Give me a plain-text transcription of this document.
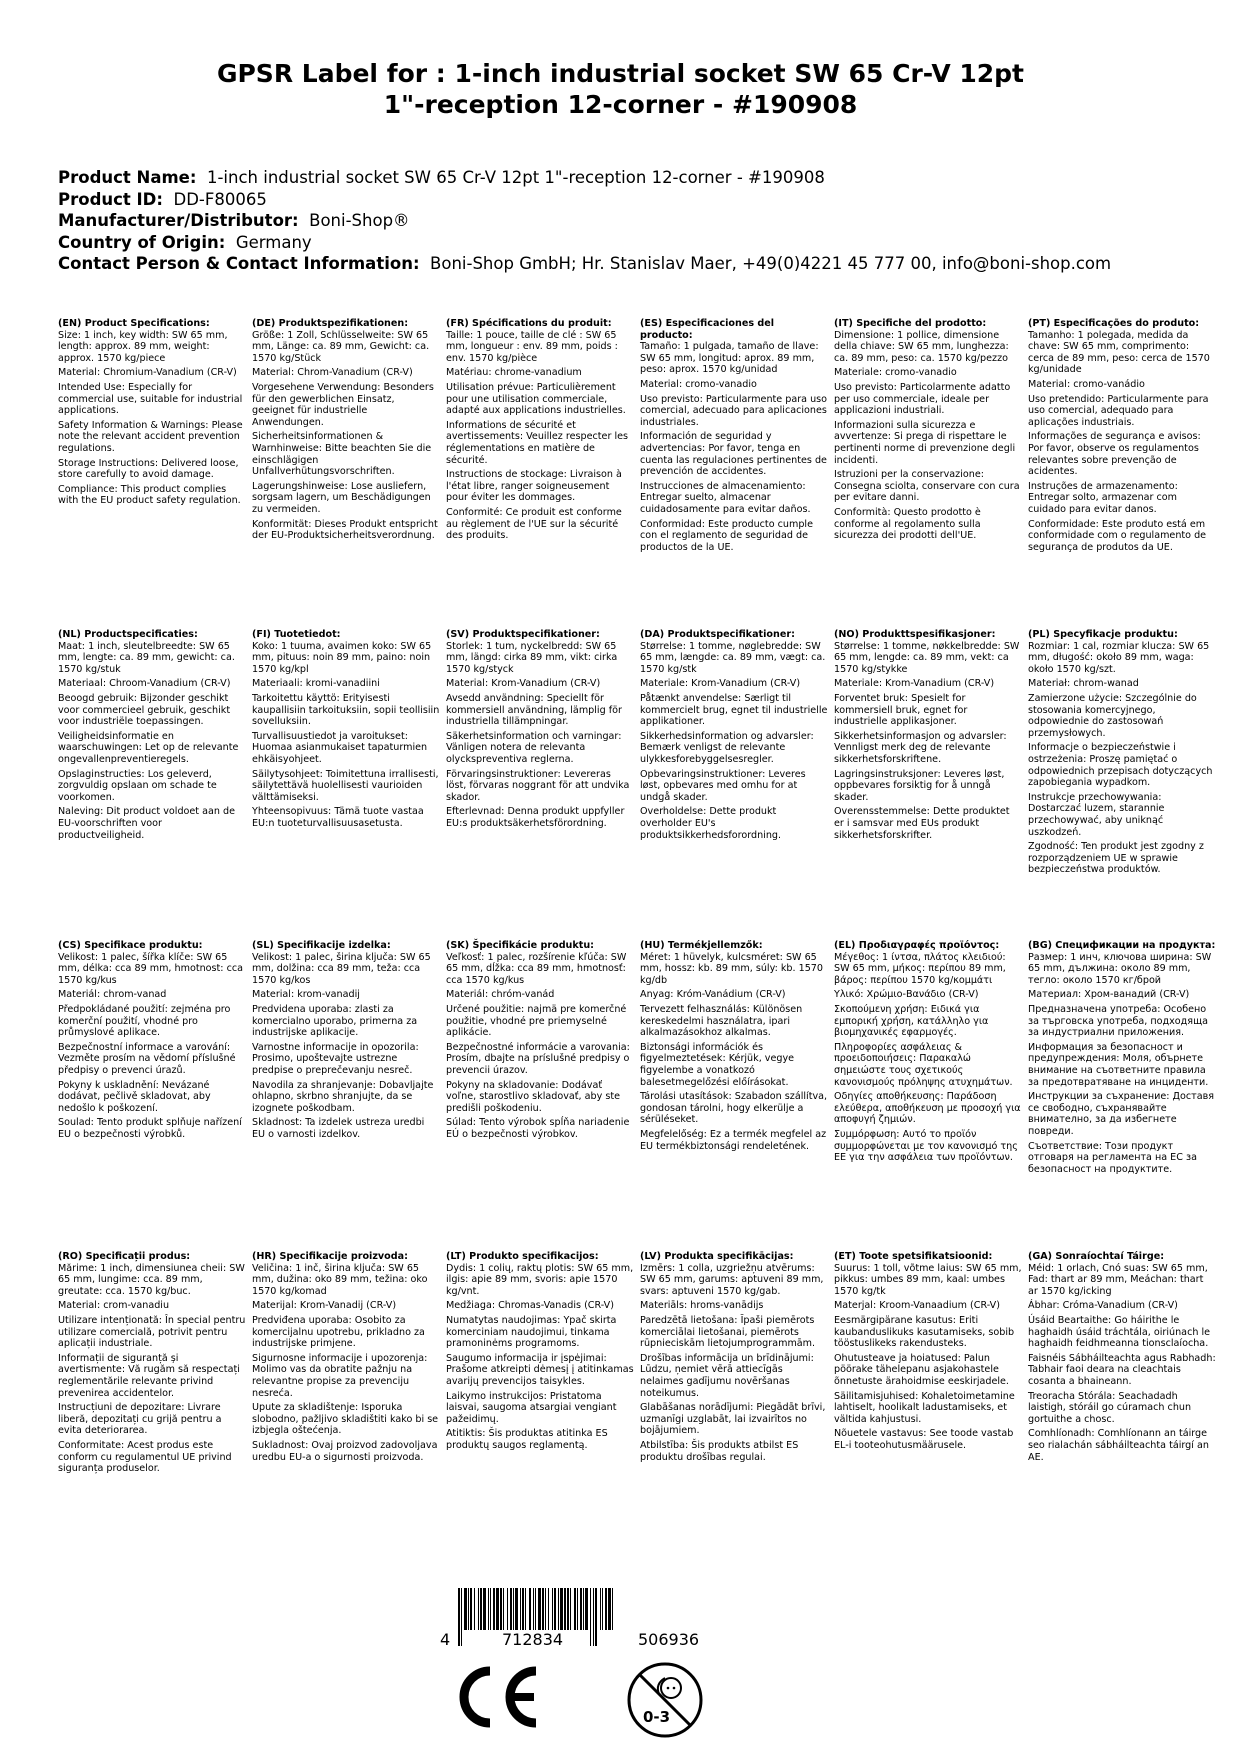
GPSR Label for : 1-inch industrial socket SW 65 Cr-V 12pt
1"-reception 12-corner - #190908
Product Name: 1-inch industrial socket SW 65 Cr-V 12pt 1"-reception 12-corner - #190908
Product ID: DD-F80065
Manufacturer/Distributor: Boni-Shop®
Country of Origin: Germany
Contact Person & Contact Information: Boni-Shop GmbH; Hr. Stanislav Maer, +49(0)4221 45 777 00, info@boni-shop.com
(EN) Product Specifications:

Size: 1 inch, key width: SW 65 mm, length: approx. 89 mm, weight: approx. 1570 kg/piece

Material: Chromium-Vanadium (CR-V)

Intended Use: Especially for commercial use, suitable for industrial applications.

Safety Information & Warnings: Please note the relevant accident prevention regulations.

Storage Instructions: Delivered loose, store carefully to avoid damage.

Compliance: This product complies with the EU product safety regulation.

(DE) Produktspezifikationen:

Größe: 1 Zoll, Schlüsselweite: SW 65 mm, Länge: ca. 89 mm, Gewicht: ca. 1570 kg/Stück

Material: Chrom-Vanadium (CR-V)

Vorgesehene Verwendung: Besonders für den gewerblichen Einsatz, geeignet für industrielle Anwendungen.

Sicherheitsinformationen & Warnhinweise: Bitte beachten Sie die einschlägigen Unfallverhütungsvorschriften.

Lagerungshinweise: Lose ausliefern, sorgsam lagern, um Beschädigungen zu vermeiden.

Konformität: Dieses Produkt entspricht der EU-Produktsicherheitsverordnung.

(FR) Spécifications du produit:

Taille: 1 pouce, taille de clé : SW 65 mm, longueur : env. 89 mm, poids : env. 1570 kg/pièce

Matériau: chrome-vanadium

Utilisation prévue: Particulièrement pour une utilisation commerciale, adapté aux applications industrielles.

Informations de sécurité et avertissements: Veuillez respecter les réglementations en matière de sécurité.

Instructions de stockage: Livraison à l'état libre, ranger soigneusement pour éviter les dommages.

Conformité: Ce produit est conforme au règlement de l'UE sur la sécurité des produits.

(ES) Especificaciones del producto:

Tamaño: 1 pulgada, tamaño de llave: SW 65 mm, longitud: aprox. 89 mm, peso: aprox. 1570 kg/unidad

Material: cromo-vanadio

Uso previsto: Particularmente para uso comercial, adecuado para aplicaciones industriales.

Información de seguridad y advertencias: Por favor, tenga en cuenta las regulaciones pertinentes de prevención de accidentes.

Instrucciones de almacenamiento: Entregar suelto, almacenar cuidadosamente para evitar daños.

Conformidad: Este producto cumple con el reglamento de seguridad de productos de la UE.

(IT) Specifiche del prodotto:

Dimensione: 1 pollice, dimensione della chiave: SW 65 mm, lunghezza: ca. 89 mm, peso: ca. 1570 kg/pezzo

Materiale: cromo-vanadio

Uso previsto: Particolarmente adatto per uso commerciale, ideale per applicazioni industriali.

Informazioni sulla sicurezza e avvertenze: Si prega di rispettare le pertinenti norme di prevenzione degli incidenti.

Istruzioni per la conservazione: Consegna sciolta, conservare con cura per evitare danni.

Conformità: Questo prodotto è conforme al regolamento sulla sicurezza dei prodotti dell'UE.

(PT) Especificações do produto:

Tamanho: 1 polegada, medida da chave: SW 65 mm, comprimento: cerca de 89 mm, peso: cerca de 1570 kg/unidade

Material: cromo-vanádio

Uso pretendido: Particularmente para uso comercial, adequado para aplicações industriais.

Informações de segurança e avisos: Por favor, observe os regulamentos relevantes sobre prevenção de acidentes.

Instruções de armazenamento: Entregar solto, armazenar com cuidado para evitar danos.

Conformidade: Este produto está em conformidade com o regulamento de segurança de produtos da UE.

(NL) Productspecificaties:

Maat: 1 inch, sleutelbreedte: SW 65 mm, lengte: ca. 89 mm, gewicht: ca. 1570 kg/stuk

Materiaal: Chroom-Vanadium (CR-V)

Beoogd gebruik: Bijzonder geschikt voor commercieel gebruik, geschikt voor industriële toepassingen.

Veiligheidsinformatie en waarschuwingen: Let op de relevante ongevallenpreventieregels.

Opslaginstructies: Los geleverd, zorgvuldig opslaan om schade te voorkomen.

Naleving: Dit product voldoet aan de EU-voorschriften voor productveiligheid.

(FI) Tuotetiedot:

Koko: 1 tuuma, avaimen koko: SW 65 mm, pituus: noin 89 mm, paino: noin 1570 kg/kpl

Materiaali: kromi-vanadiini

Tarkoitettu käyttö: Erityisesti kaupallisiin tarkoituksiin, sopii teollisiin sovelluksiin.

Turvallisuustiedot ja varoitukset: Huomaa asianmukaiset tapaturmien ehkäisyohjeet.

Säilytysohjeet: Toimitettuna irrallisesti, säilytettävä huolellisesti vaurioiden välttämiseksi.

Yhteensopivuus: Tämä tuote vastaa EU:n tuoteturvallisuusasetusta.

(SV) Produktspecifikationer:

Storlek: 1 tum, nyckelbredd: SW 65 mm, längd: cirka 89 mm, vikt: cirka 1570 kg/styck

Material: Krom-Vanadium (CR-V)

Avsedd användning: Speciellt för kommersiell användning, lämplig för industriella tillämpningar.

Säkerhetsinformation och varningar: Vänligen notera de relevanta olyckspreventiva reglerna.

Förvaringsinstruktioner: Levereras löst, förvaras noggrant för att undvika skador.

Efterlevnad: Denna produkt uppfyller EU:s produktsäkerhetsförordning.

(DA) Produktspecifikationer:

Størrelse: 1 tomme, nøglebredde: SW 65 mm, længde: ca. 89 mm, vægt: ca. 1570 kg/stk

Materiale: Krom-Vanadium (CR-V)

Påtænkt anvendelse: Særligt til kommercielt brug, egnet til industrielle applikationer.

Sikkerhedsinformation og advarsler: Bemærk venligst de relevante ulykkesforebyggelsesregler.

Opbevaringsinstruktioner: Leveres løst, opbevares med omhu for at undgå skader.

Overholdelse: Dette produkt overholder EU's produktsikkerhedsforordning.

(NO) Produkttspesifikasjoner:

Størrelse: 1 tomme, nøkkelbredde: SW 65 mm, lengde: ca. 89 mm, vekt: ca 1570 kg/stykke

Materiale: Krom-Vanadium (CR-V)

Forventet bruk: Spesielt for kommersiell bruk, egnet for industrielle applikasjoner.

Sikkerhetsinformasjon og advarsler: Vennligst merk deg de relevante sikkerhetsforskriftene.

Lagringsinstruksjoner: Leveres løst, oppbevares forsiktig for å unngå skader.

Overensstemmelse: Dette produktet er i samsvar med EUs produkt sikkerhetsforskrifter.

(PL) Specyfikacje produktu:

Rozmiar: 1 cal, rozmiar klucza: SW 65 mm, długość: około 89 mm, waga: około 1570 kg/szt.

Materiał: chrom-wanad

Zamierzone użycie: Szczególnie do stosowania komercyjnego, odpowiednie do zastosowań przemysłowych.

Informacje o bezpieczeństwie i ostrzeżenia: Proszę pamiętać o odpowiednich przepisach dotyczących zapobiegania wypadkom.

Instrukcje przechowywania: Dostarczać luzem, starannie przechowywać, aby uniknąć uszkodzeń.

Zgodność: Ten produkt jest zgodny z rozporządzeniem UE w sprawie bezpieczeństwa produktów.

(CS) Specifikace produktu:

Velikost: 1 palec, šířka klíče: SW 65 mm, délka: cca 89 mm, hmotnost: cca 1570 kg/kus

Materiál: chrom-vanad

Předpokládané použití: zejména pro komerční použití, vhodné pro průmyslové aplikace.

Bezpečnostní informace a varování: Vezměte prosím na vědomí příslušné předpisy o prevenci úrazů.

Pokyny k uskladnění: Nevázané dodávat, pečlivě skladovat, aby nedošlo k poškození.

Soulad: Tento produkt splňuje nařízení EU o bezpečnosti výrobků.

(SL) Specifikacije izdelka:

Velikost: 1 palec, širina ključa: SW 65 mm, dolžina: cca 89 mm, teža: cca 1570 kg/kos

Material: krom-vanadij

Predvidena uporaba: zlasti za komercialno uporabo, primerna za industrijske aplikacije.

Varnostne informacije in opozorila: Prosimo, upoštevajte ustrezne predpise o preprečevanju nesreč.

Navodila za shranjevanje: Dobavljajte ohlapno, skrbno shranjujte, da se izognete poškodbam.

Skladnost: Ta izdelek ustreza uredbi EU o varnosti izdelkov.

(SK) Špecifikácie produktu:

Veľkosť: 1 palec, rozšírenie kľúča: SW 65 mm, dĺžka: cca 89 mm, hmotnosť: cca 1570 kg/kus

Materiál: chróm-vanád

Určené použitie: najmä pre komerčné použitie, vhodné pre priemyselné aplikácie.

Bezpečnostné informácie a varovania: Prosím, dbajte na príslušné predpisy o prevencii úrazov.

Pokyny na skladovanie: Dodávať voľne, starostlivo skladovať, aby ste predišli poškodeniu.

Súlad: Tento výrobok spĺňa nariadenie EÚ o bezpečnosti výrobkov.

(HU) Termékjellemzők:

Méret: 1 hüvelyk, kulcsméret: SW 65 mm, hossz: kb. 89 mm, súly: kb. 1570 kg/db

Anyag: Króm-Vanádium (CR-V)

Tervezett felhasználás: Különösen kereskedelmi használatra, ipari alkalmazásokhoz alkalmas.

Biztonsági információk és figyelmeztetések: Kérjük, vegye figyelembe a vonatkozó balesetmegelőzési előírásokat.

Tárolási utasítások: Szabadon szállítva, gondosan tárolni, hogy elkerülje a sérüléseket.

Megfelelőség: Ez a termék megfelel az EU termékbiztonsági rendeletének.

(EL) Προδιαγραφές προϊόντος:

Μέγεθος: 1 ίντσα, πλάτος κλειδιού: SW 65 mm, μήκος: περίπου 89 mm, βάρος: περίπου 1570 kg/κομμάτι

Υλικό: Χρώμιο-Βανάδιο (CR-V)

Σκοπούμενη χρήση: Ειδικά για εμπορική χρήση, κατάλληλο για βιομηχανικές εφαρμογές.

Πληροφορίες ασφάλειας & προειδοποιήσεις: Παρακαλώ σημειώστε τους σχετικούς κανονισμούς πρόληψης ατυχημάτων.

Οδηγίες αποθήκευσης: Παράδοση ελεύθερα, αποθήκευση με προσοχή για αποφυγή ζημιών.

Συμμόρφωση: Αυτό το προϊόν συμμορφώνεται με τον κανονισμό της ΕΕ για την ασφάλεια των προϊόντων.

(BG) Спецификации на продукта:

Размер: 1 инч, ключова ширина: SW 65 mm, дължина: около 89 mm, тегло: около 1570 кг/брой

Материал: Хром-ванадий (CR-V)

Предназначена употреба: Особено за търговска употреба, подходяща за индустриални приложения.

Информация за безопасност и предупреждения: Моля, обърнете внимание на съответните правила за предотвратяване на инциденти.

Инструкции за съхранение: Доставя се свободно, съхранявайте внимателно, за да избегнете повреди.

Съответствие: Този продукт отговаря на регламента на ЕС за безопасност на продуктите.

(RO) Specificații produs:

Mărime: 1 inch, dimensiunea cheii: SW 65 mm, lungime: cca. 89 mm, greutate: cca. 1570 kg/buc.

Material: crom-vanadiu

Utilizare intenționată: În special pentru utilizare comercială, potrivit pentru aplicații industriale.

Informații de siguranță și avertismente: Vă rugăm să respectați reglementările relevante privind prevenirea accidentelor.

Instrucțiuni de depozitare: Livrare liberă, depozitați cu grijă pentru a evita deteriorarea.

Conformitate: Acest produs este conform cu regulamentul UE privind siguranța produselor.

(HR) Specifikacije proizvoda:

Veličina: 1 inč, širina ključa: SW 65 mm, dužina: oko 89 mm, težina: oko 1570 kg/komad

Materijal: Krom-Vanadij (CR-V)

Predviđena uporaba: Osobito za komercijalnu upotrebu, prikladno za industrijske primjene.

Sigurnosne informacije i upozorenja: Molimo vas da obratite pažnju na relevantne propise za prevenciju nesreća.

Upute za skladištenje: Isporuka slobodno, pažljivo skladištiti kako bi se izbjegla oštećenja.

Sukladnost: Ovaj proizvod zadovoljava uredbu EU-a o sigurnosti proizvoda.

(LT) Produkto specifikacijos:

Dydis: 1 colių, raktų plotis: SW 65 mm, ilgis: apie 89 mm, svoris: apie 1570 kg/vnt.

Medžiaga: Chromas-Vanadis (CR-V)

Numatytas naudojimas: Ypač skirta komerciniam naudojimui, tinkama pramoninėms programoms.

Saugumo informacija ir įspėjimai: Prašome atkreipti dėmesį į atitinkamas avarijų prevencijos taisykles.

Laikymo instrukcijos: Pristatoma laisvai, saugoma atsargiai vengiant pažeidimų.

Atitiktis: Šis produktas atitinka ES produktų saugos reglamentą.

(LV) Produkta specifikācijas:

Izmērs: 1 colla, uzgriežņu atvērums: SW 65 mm, garums: aptuveni 89 mm, svars: aptuveni 1570 kg/gab.

Materiāls: hroms-vanādijs

Paredzētā lietošana: Īpaši piemērots komerciālai lietošanai, piemērots rūpnieciskām lietojumprogrammām.

Drošības informācija un brīdinājumi: Lūdzu, ņemiet vērā attiecīgās nelaimes gadījumu novēršanas noteikumus.

Glabāšanas norādījumi: Piegādāt brīvi, uzmanīgi uzglabāt, lai izvairītos no bojājumiem.

Atbilstība: Šis produkts atbilst ES produktu drošības regulai.

(ET) Toote spetsifikatsioonid:

Suurus: 1 toll, võtme laius: SW 65 mm, pikkus: umbes 89 mm, kaal: umbes 1570 kg/tk

Materjal: Kroom-Vanaadium (CR-V)

Eesmärgipärane kasutus: Eriti kaubanduslikuks kasutamiseks, sobib tööstuslikeks rakendusteks.

Ohutusteave ja hoiatused: Palun pöörake tähelepanu asjakohastele õnnetuste ärahoidmise eeskirjadele.

Säilitamisjuhised: Kohaletoimetamine lahtiselt, hoolikalt ladustamiseks, et vältida kahjustusi.

Nõuetele vastavus: See toode vastab EL-i tooteohutusmäärusele.

(GA) Sonraíochtaí Táirge:

Méid: 1 orlach, Cnó suas: SW 65 mm, Fad: thart ar 89 mm, Meáchan: thart ar 1570 kg/icking

Ábhar: Cróma-Vanadium (CR-V)

Úsáid Beartaithe: Go háirithe le haghaidh úsáid tráchtála, oiriúnach le haghaidh feidhmeanna tionsclaíocha.

Faisnéis Sábháilteachta agus Rabhadh: Tabhair faoi deara na cleachtais cosanta a bhaineann.

Treoracha Stórála: Seachadadh laistigh, stóráil go cúramach chun gortuithe a chosc.

Comhlíonadh: Comhlíonann an táirge seo rialachán sábháilteachta táirgí an AE.

4	712834	506936
0-3
